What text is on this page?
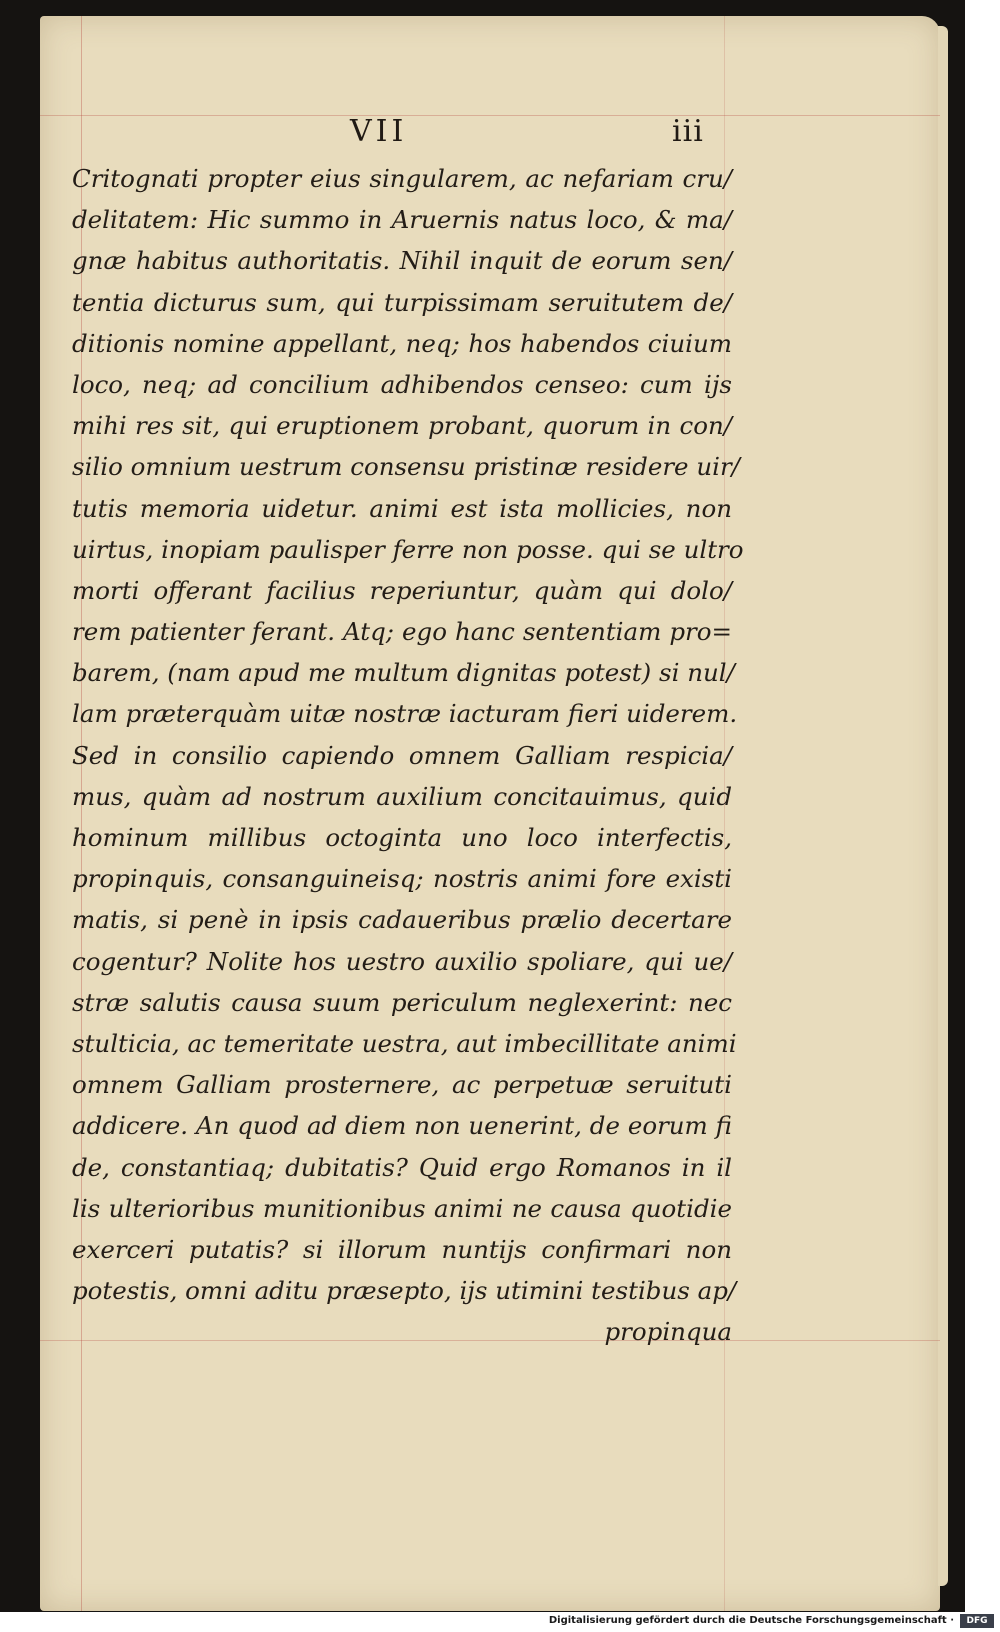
VII	iii
Critognati propter eius singularem, ac nefariam cru/
delitatem: Hic summo in Aruernis natus loco, & ma/
gnæ habitus authoritatis. Nihil inquit de eorum sen/
tentia dicturus sum, qui turpissimam seruitutem de/
ditionis nomine appellant, neq; hos habendos ciuium
loco, neq; ad concilium adhibendos censeo: cum ijs
mihi res sit, qui eruptionem probant, quorum in con/
silio omnium uestrum consensu pristinæ residere uir/
tutis memoria uidetur. animi est ista mollicies, non
uirtus, inopiam paulisper ferre non posse. qui se ultro
morti offerant facilius reperiuntur, quàm qui dolo/
rem patienter ferant. Atq; ego hanc sententiam pro=
barem, (nam apud me multum dignitas potest) si nul/
lam præterquàm uitæ nostræ iacturam fieri uiderem.
Sed in consilio capiendo omnem Galliam respicia/
mus, quàm ad nostrum auxilium concitauimus, quid
hominum millibus octoginta uno loco interfectis,
propinquis, consanguineisq; nostris animi fore existi
matis, si penè in ipsis cadaueribus prælio decertare
cogentur? Nolite hos uestro auxilio spoliare, qui ue/
stræ salutis causa suum periculum neglexerint: nec
stulticia, ac temeritate uestra, aut imbecillitate animi
omnem Galliam prosternere, ac perpetuæ seruituti
addicere. An quod ad diem non uenerint, de eorum fi
de, constantiaq; dubitatis? Quid ergo Romanos in il
lis ulterioribus munitionibus animi ne causa quotidie
exerceri putatis? si illorum nuntijs confirmari non
potestis, omni aditu præsepto, ijs utimini testibus ap/
propinqua
Digitalisierung gefördert durch die Deutsche Forschungsgemeinschaft ·	DFG
